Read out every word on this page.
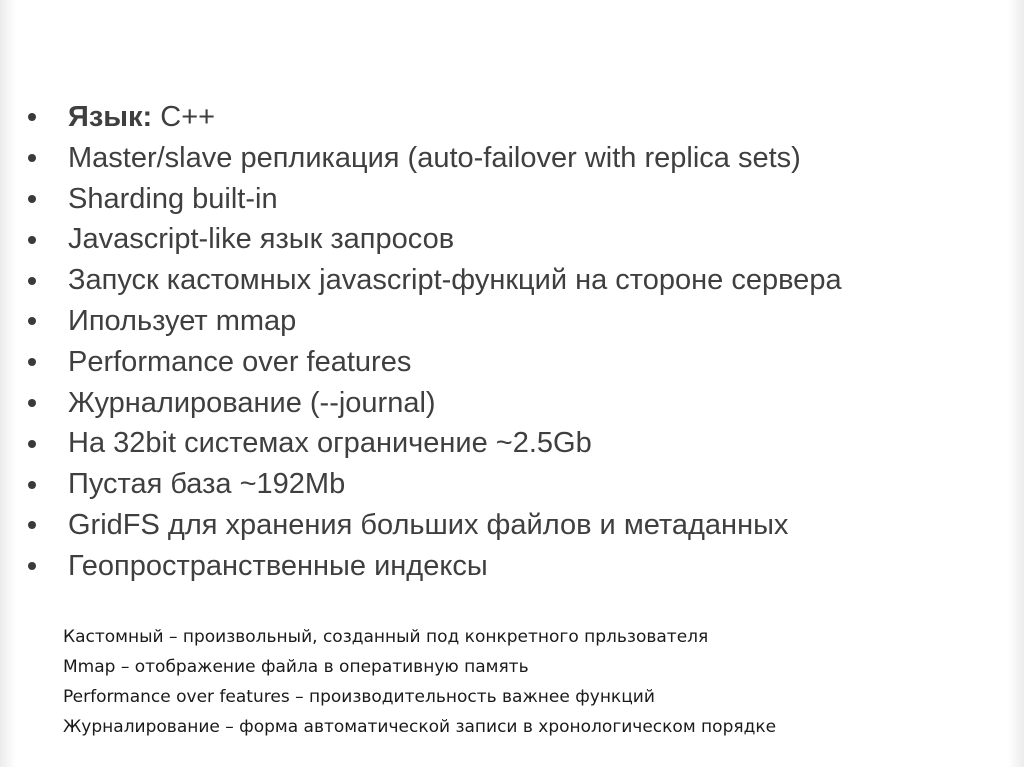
Язык: C++
Master/slave репликация (auto-failover with replica sets)
Sharding built-in
Javascript-like язык запросов
Запуск кастомных javascript-функций на стороне сервера
Ипользует mmap
Performance over features
Журналирование (--journal)
На 32bit системах ограничение ~2.5Gb
Пустая база ~192Mb
GridFS для хранения больших файлов и метаданных
Геопространственные индексы
Кастомный – произвольный, созданный под конкретного прльзователя
Mmap – отображение файла в оперативную память
Performance over features – производительность важнее функций
Журналирование – форма автоматической записи в хронологическом порядке
